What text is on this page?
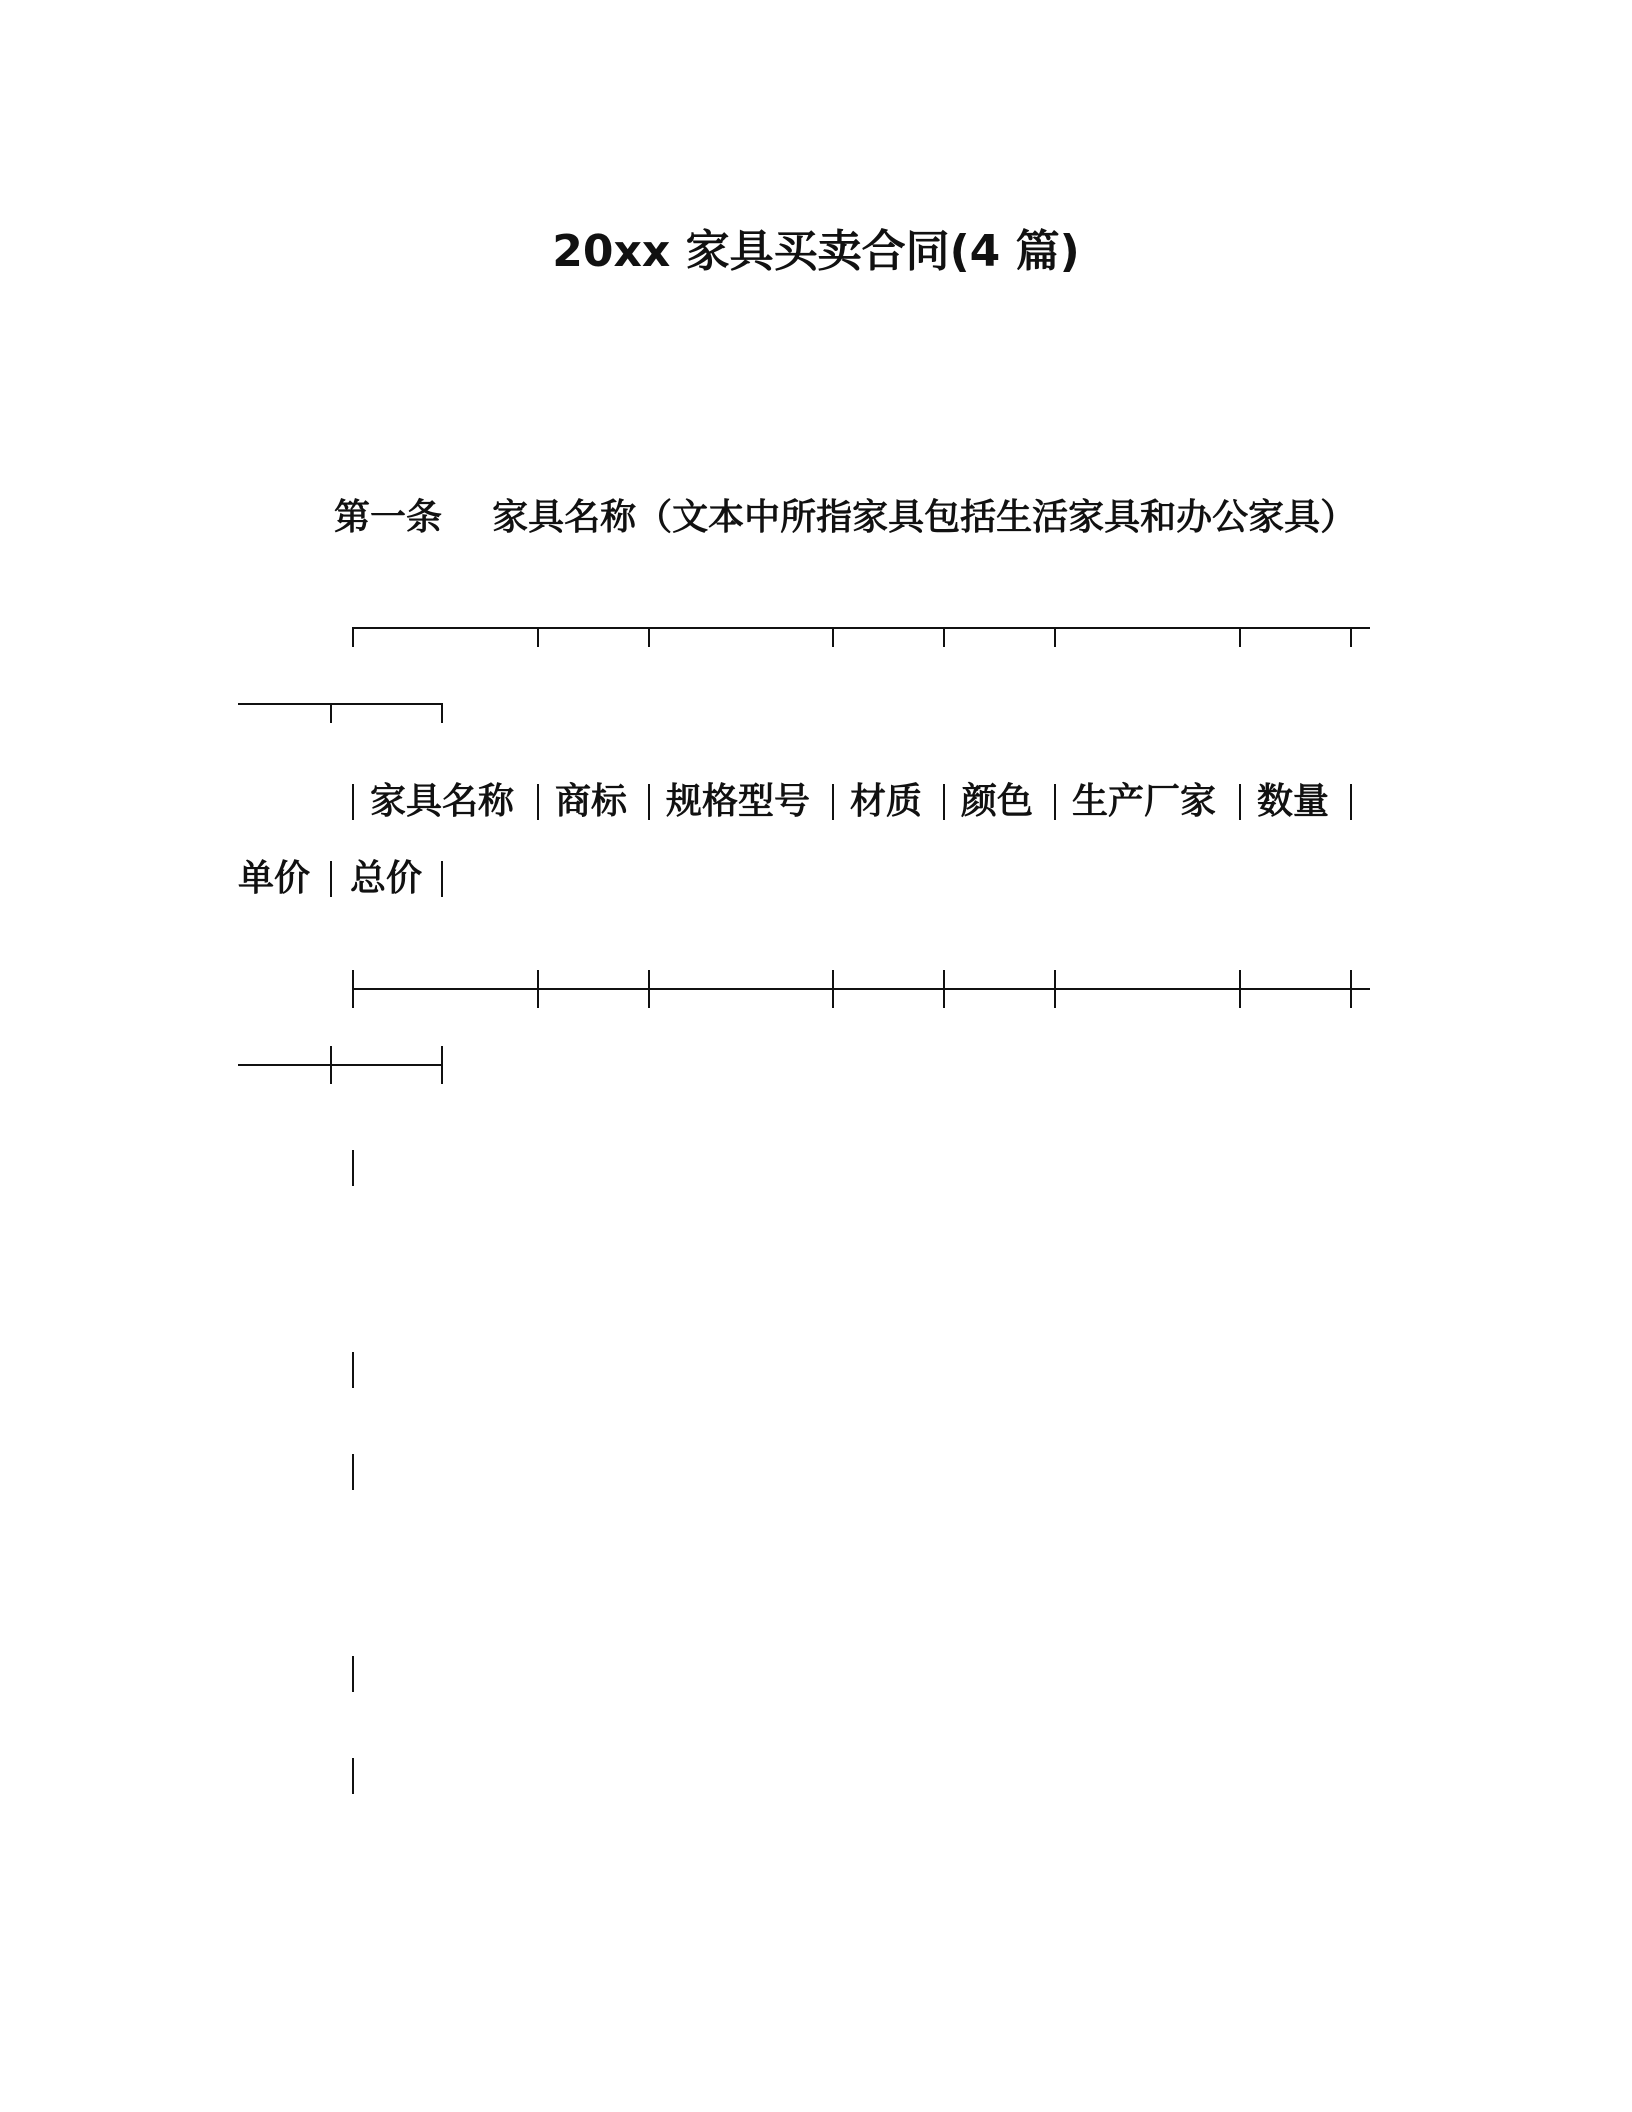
20xx 家具买卖合同(4 篇)

第一条    家具名称（文本中所指家具包括生活家具和办公家具）

家具名称 商标 规格型号 材质 颜色 生产厂家 数量
单价 总价
